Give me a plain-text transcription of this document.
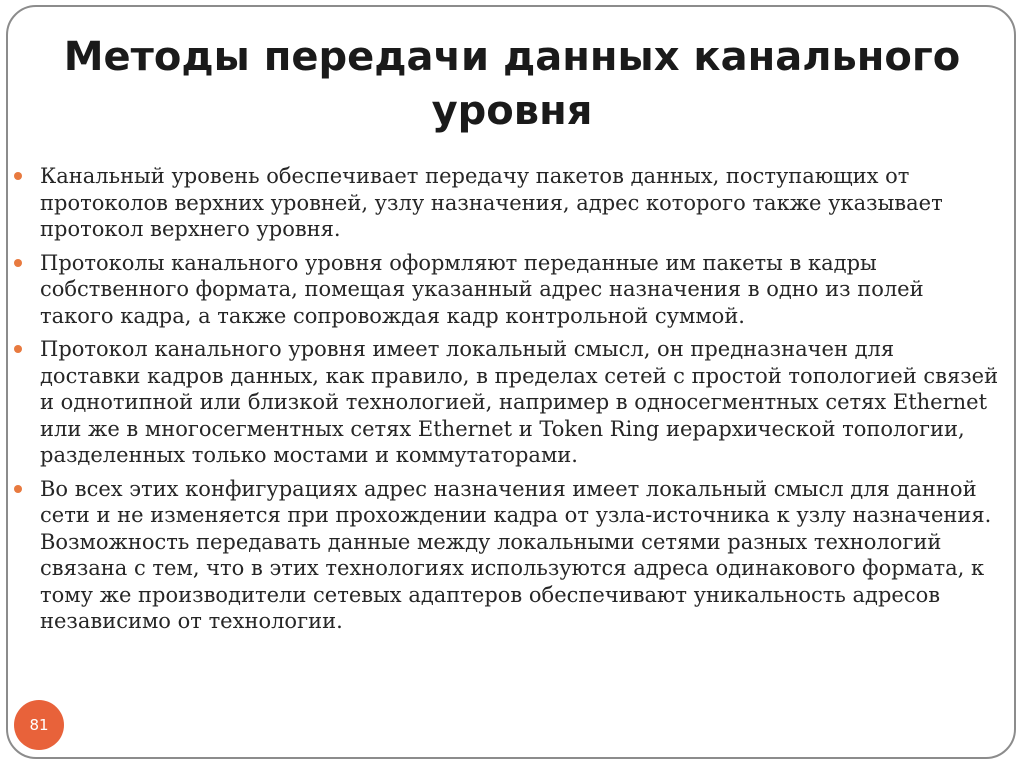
Методы передачи данных канального уровня
Канальный уровень обеспечивает передачу пакетов данных, поступающих от протоколов верхних уровней, узлу назначения, адрес которого также указывает протокол верхнего уровня.
Протоколы канального уровня оформляют переданные им пакеты в кадры собственного формата, помещая указанный адрес назначения в одно из полей такого кадра, а также сопровождая кадр контрольной суммой.
Протокол канального уровня имеет локальный смысл, он предназначен для доставки кадров данных, как правило, в пределах сетей с простой топологией связей и однотипной или близкой технологией, например в односегментных сетях Ethernet или же в многосегментных сетях Ethernet и Token Ring иерархической топологии, разделенных только мостами и коммутаторами.
Во всех этих конфигурациях адрес назначения имеет локальный смысл для данной сети и не изменяется при прохождении кадра от узла-источника к узлу назначения. Возможность передавать данные между локальными сетями разных технологий связана с тем, что в этих технологиях используются адреса одинакового формата, к тому же производители сетевых адаптеров обеспечивают уникальность адресов независимо от технологии.
81
